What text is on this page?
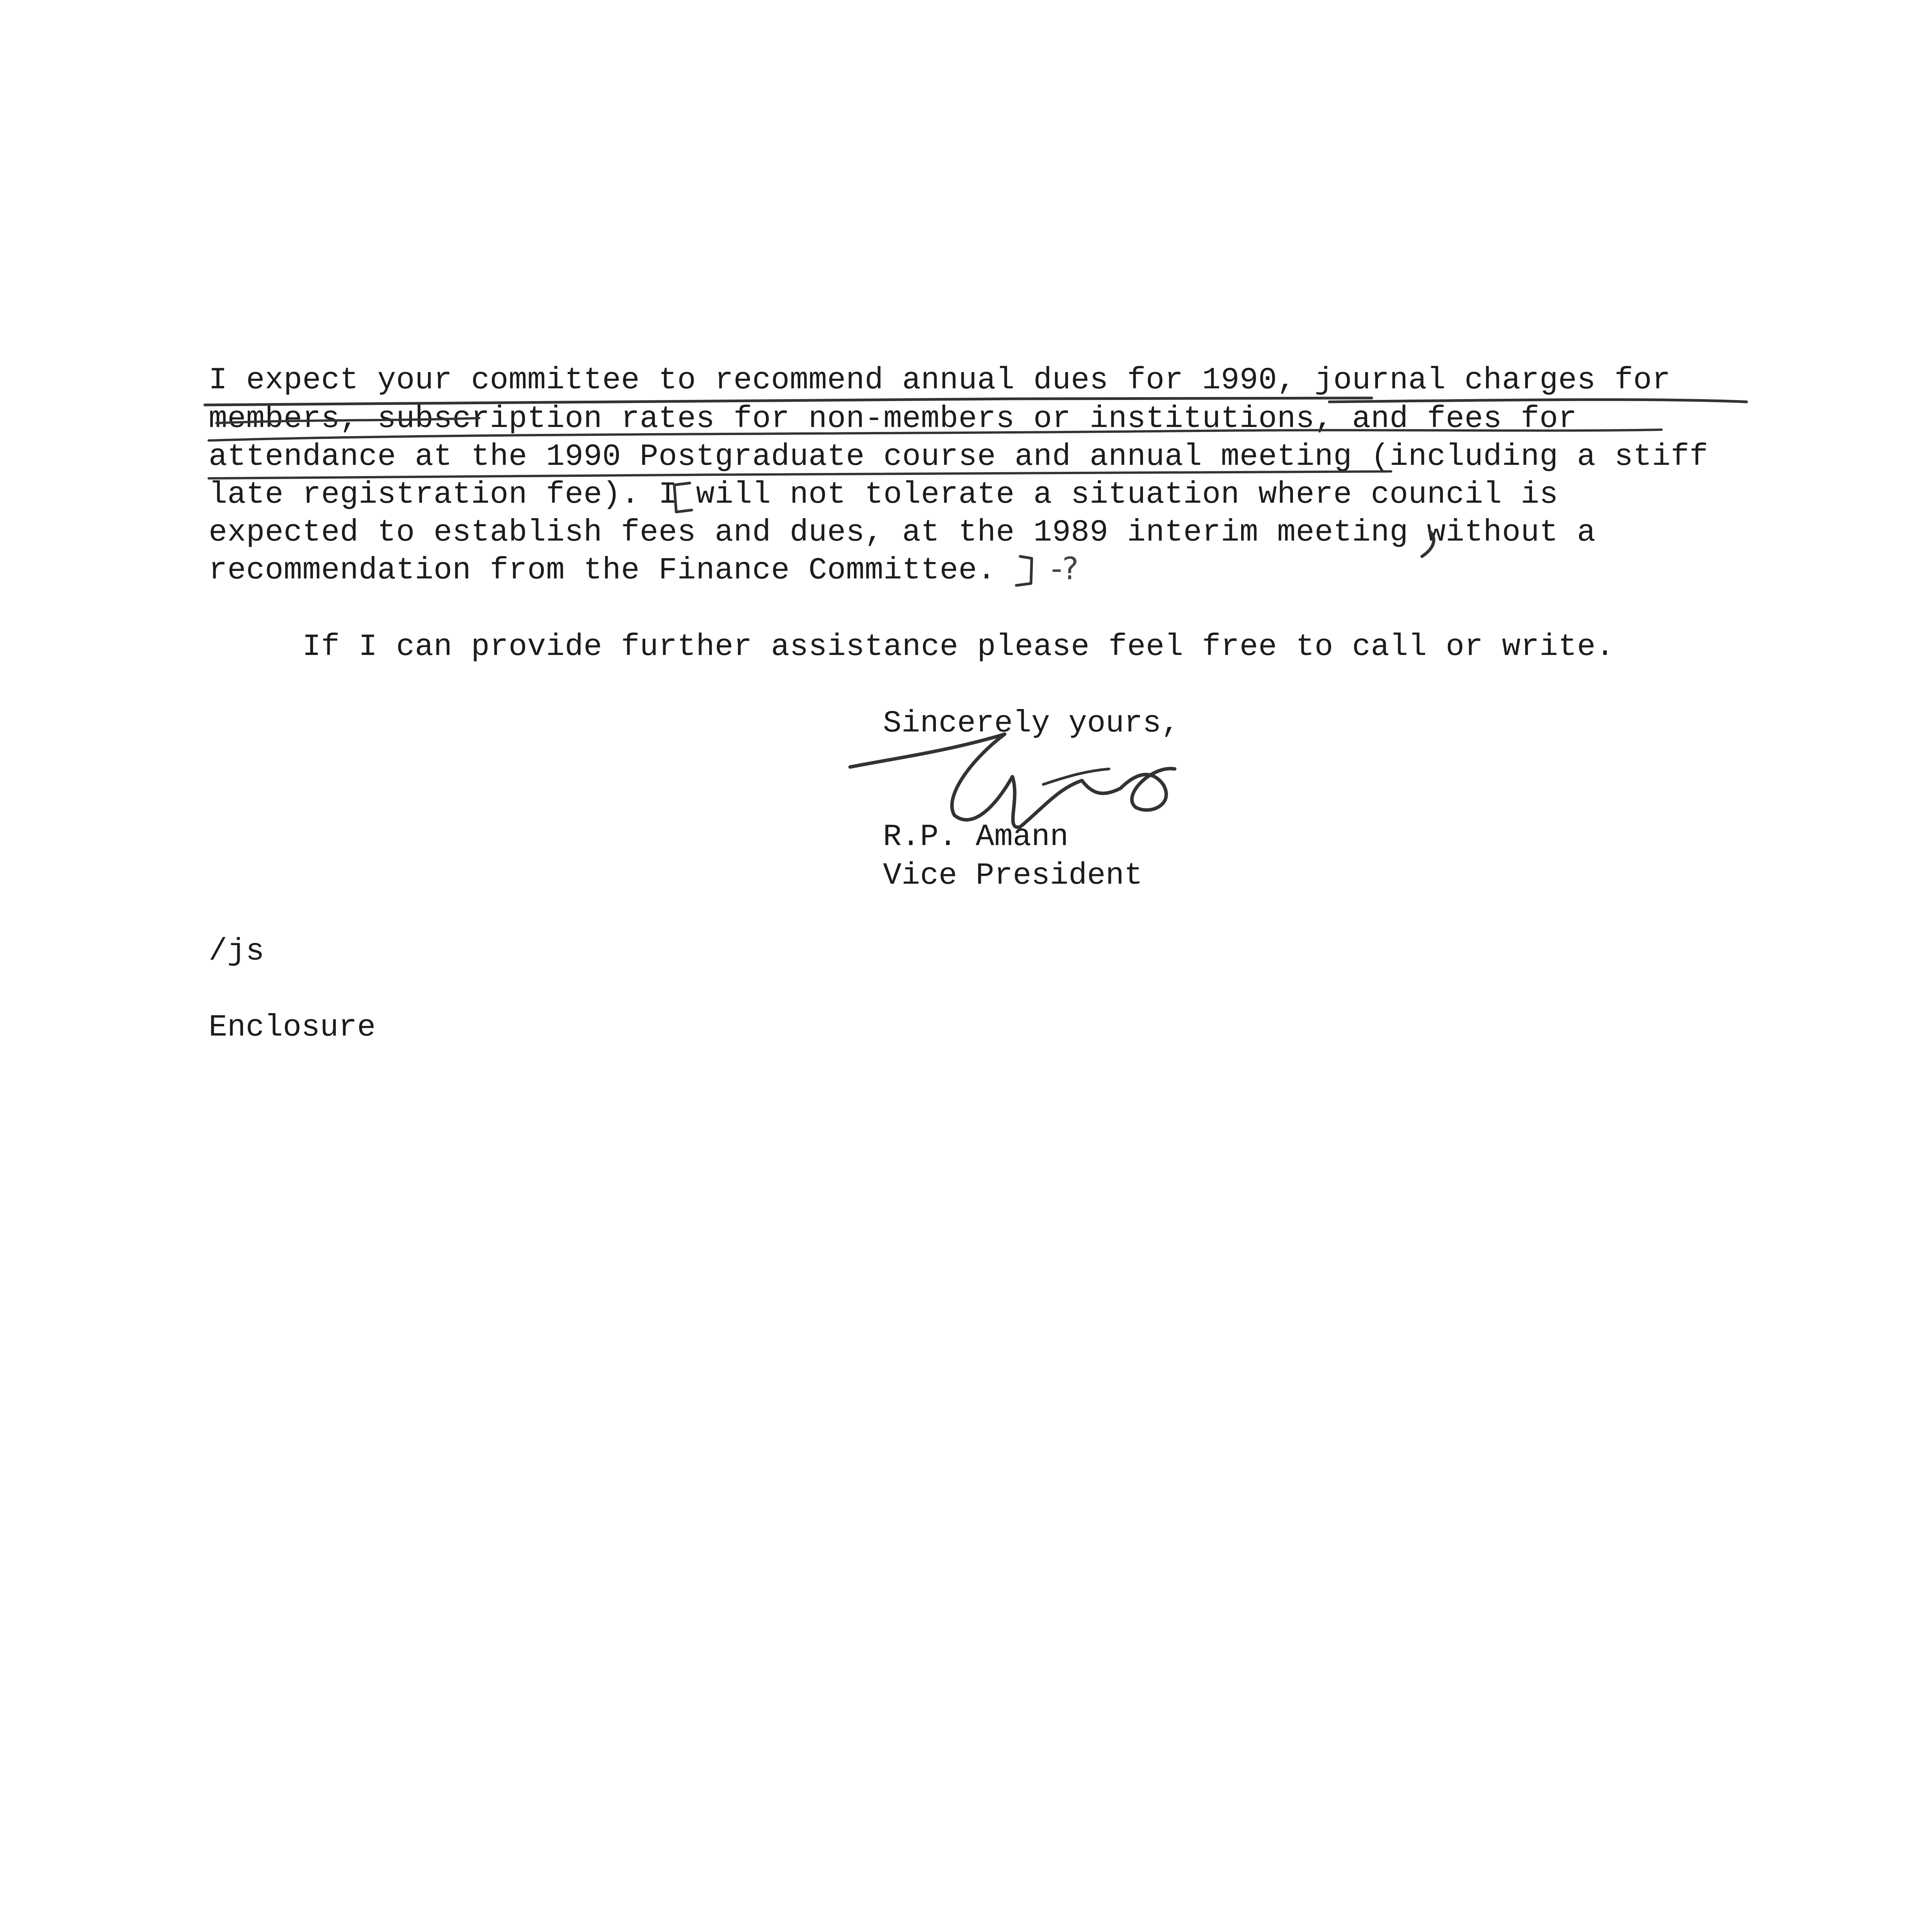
I expect your committee to recommend annual dues for 1990, journal charges for
members, subscription rates for non-members or institutions, and fees for
attendance at the 1990 Postgraduate course and annual meeting (including a stiff
late registration fee). I will not tolerate a situation where council is
expected to establish fees and dues, at the 1989 interim meeting without a
recommendation from the Finance Committee.
If I can provide further assistance please feel free to call or write.
Sincerely yours,
R.P. Amann
Vice President
/js
Enclosure
-?
